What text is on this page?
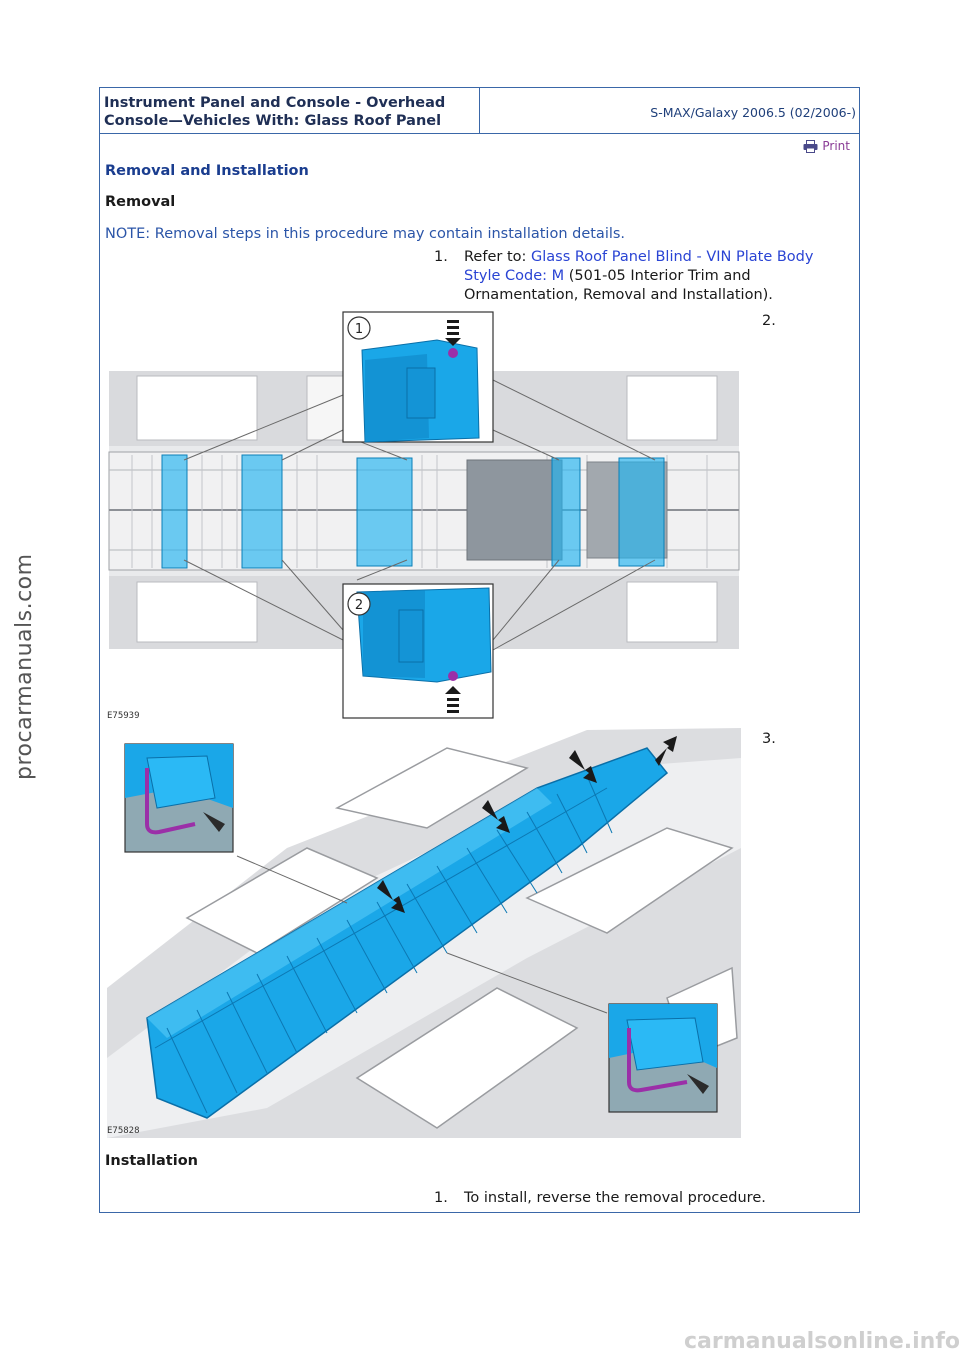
Instrument Panel and Console - Overhead
Console—Vehicles With: Glass Roof Panel
S-MAX/Galaxy 2006.5 (02/2006-)
Print
Removal and Installation
Removal
NOTE: Removal steps in this procedure may contain installation details.
1. Refer to: Glass Roof Panel Blind - VIN Plate Body
Style Code: M (501-05 Interior Trim and
Ornamentation, Removal and Installation).
2.
1
2
E75939
3.
E75828
Installation
1. To install, reverse the removal procedure.
procarmanuals.com
carmanualsonline.info
